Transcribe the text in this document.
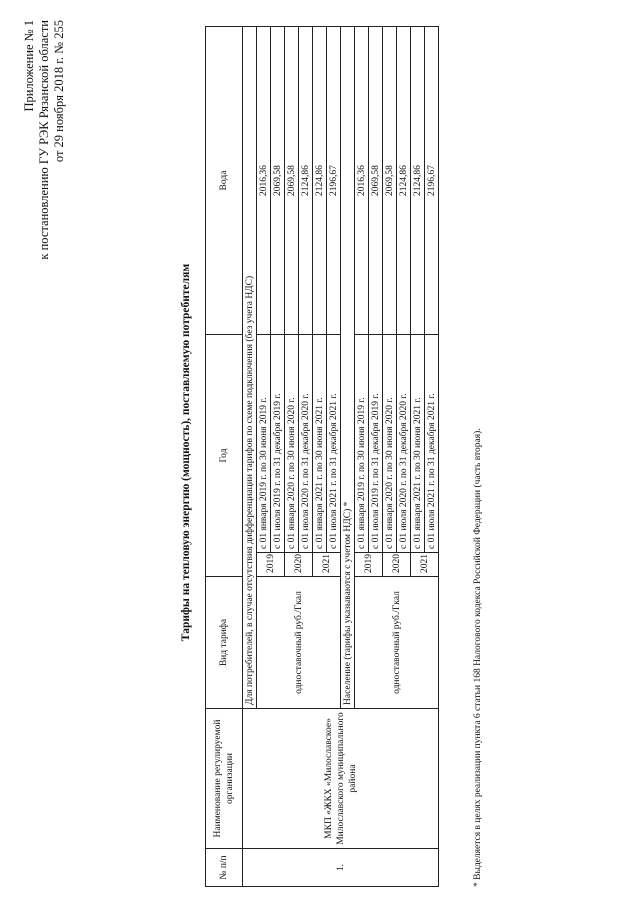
Приложение № 1 к постановлению ГУ РЭК Рязанской области от 29 ноября 2018 г. № 255
Тарифы на тепловую энергию (мощность), поставляемую потребителям
№ п/п	Наименование регулируемой организации	Вид тарифа	Год		Вода
1.	МКП «ЖКХ «Милославское» Милославского муниципального района	Для потребителей, в случае отсутствия дифференциации тарифов по схеме подключения (без учета НДС)			
		одноставочный руб./Гкал	2019	с 01 января 2019 г. по 30 июня 2019 г.	2016,36
				с 01 июля 2019 г. по 31 декабря 2019 г.	2069,58
			2020	с 01 января 2020 г. по 30 июня 2020 г.	2069,58
				с 01 июля 2020 г. по 31 декабря 2020 г.	2124,86
			2021	с 01 января 2021 г. по 30 июня 2021 г.	2124,86
				с 01 июля 2021 г. по 31 декабря 2021 г.	2196,67
		Население (тарифы указываются с учетом НДС) *			
		одноставочный руб./Гкал	2019	с 01 января 2019 г. по 30 июня 2019 г.	2016,36
				с 01 июля 2019 г. по 31 декабря 2019 г.	2069,58

			2020	с 01 января 2020 г. по 30 июня 2020 г.	2069,58
				с 01 июля 2020 г. по 31 декабря 2020 г.	2124,86

			2021	с 01 января 2021 г. по 30 июня 2021 г.	2124,86
				с 01 июля 2021 г. по 31 декабря 2021 г.	2196,67
* Выделяется в целях реализации пункта 6 статьи 168 Налогового кодекса Российской Федерации (часть вторая).
